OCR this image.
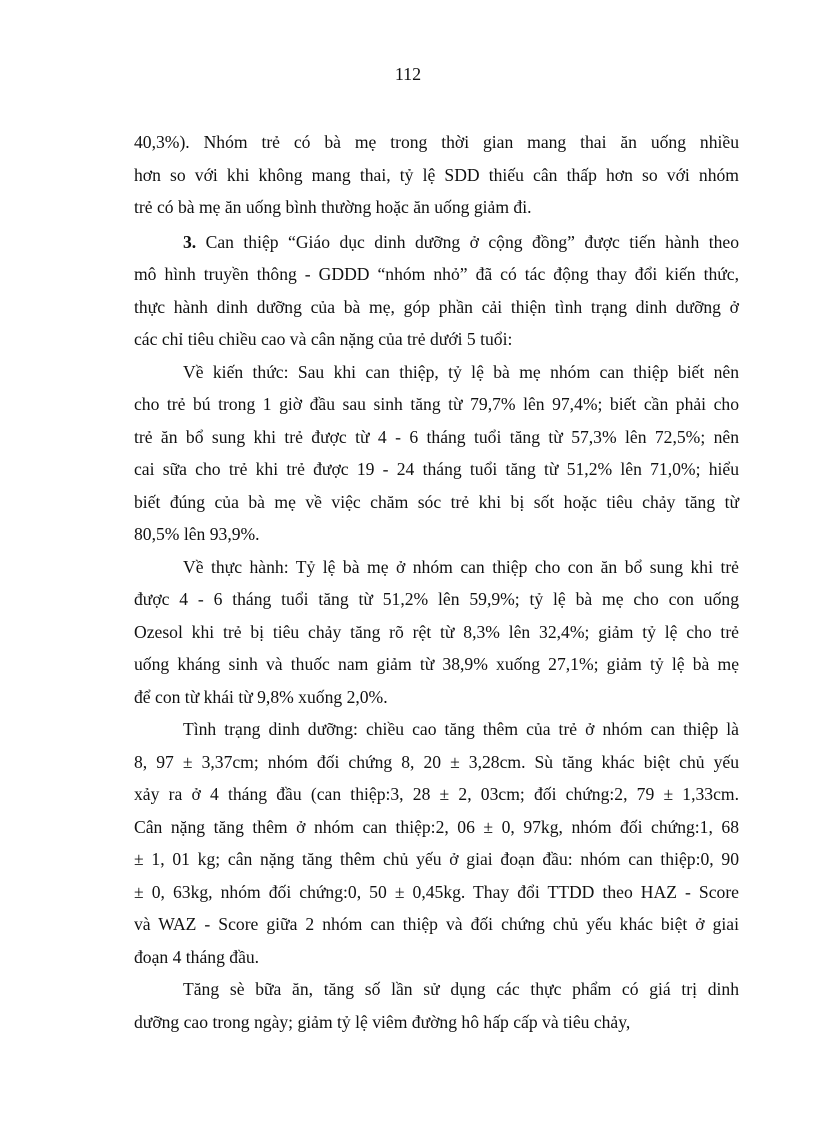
112
40,3%). Nhóm trẻ có bà mẹ trong thời gian mang thai ăn uống nhiều
hơn so với khi không mang thai, tỷ lệ SDD thiếu cân thấp hơn so với nhóm
trẻ có bà mẹ ăn uống bình thường hoặc ăn uống giảm đi.
3. Can thiệp “Giáo dục dinh dưỡng ở cộng đồng” được tiến hành theo
mô hình truyền thông - GDDD “nhóm nhỏ” đã có tác động thay đổi kiến thức,
thực hành dinh dưỡng của bà mẹ, góp phần cải thiện tình trạng dinh dưỡng ở
các chỉ tiêu chiều cao và cân nặng của trẻ dưới 5 tuổi:
Về kiến thức: Sau khi can thiệp, tỷ lệ bà mẹ nhóm can thiệp biết nên
cho trẻ bú trong 1 giờ đầu sau sinh tăng từ 79,7% lên 97,4%; biết cần phải cho
trẻ ăn bổ sung khi trẻ được từ 4 - 6 tháng tuổi tăng từ 57,3% lên 72,5%; nên
cai sữa cho trẻ khi trẻ được 19 - 24 tháng tuổi tăng từ 51,2% lên 71,0%; hiểu
biết đúng của bà mẹ về việc chăm sóc trẻ khi bị sốt hoặc tiêu chảy tăng từ
80,5% lên 93,9%.
Về thực hành: Tỷ lệ bà mẹ ở nhóm can thiệp cho con ăn bổ sung khi trẻ
được 4 - 6 tháng tuổi tăng từ 51,2% lên 59,9%; tỷ lệ bà mẹ cho con uống
Ozesol khi trẻ bị tiêu chảy tăng rõ rệt từ 8,3% lên 32,4%; giảm tỷ lệ cho trẻ
uống kháng sinh và thuốc nam giảm từ 38,9% xuống 27,1%; giảm tỷ lệ bà mẹ
để con từ khái từ 9,8% xuống 2,0%.
Tình trạng dinh dưỡng: chiều cao tăng thêm của trẻ ở nhóm can thiệp là
8, 97 ± 3,37cm; nhóm đối chứng 8, 20 ± 3,28cm. Sù tăng khác biệt chủ yếu
xảy ra ở 4 tháng đầu (can thiệp:3, 28 ± 2, 03cm; đối chứng:2, 79 ± 1,33cm.
Cân nặng tăng thêm ở nhóm can thiệp:2, 06 ± 0, 97kg, nhóm đối chứng:1, 68
± 1, 01 kg; cân nặng tăng thêm chủ yếu ở giai đoạn đầu: nhóm can thiệp:0, 90
± 0, 63kg, nhóm đối chứng:0, 50 ± 0,45kg. Thay đổi TTDD theo HAZ - Score
và WAZ - Score giữa 2 nhóm can thiệp và đối chứng chủ yếu khác biệt ở giai
đoạn 4 tháng đầu.
Tăng sè bữa ăn, tăng số lần sử dụng các thực phẩm có giá trị dinh
dưỡng cao trong ngày; giảm tỷ lệ viêm đường hô hấp cấp và tiêu chảy,
